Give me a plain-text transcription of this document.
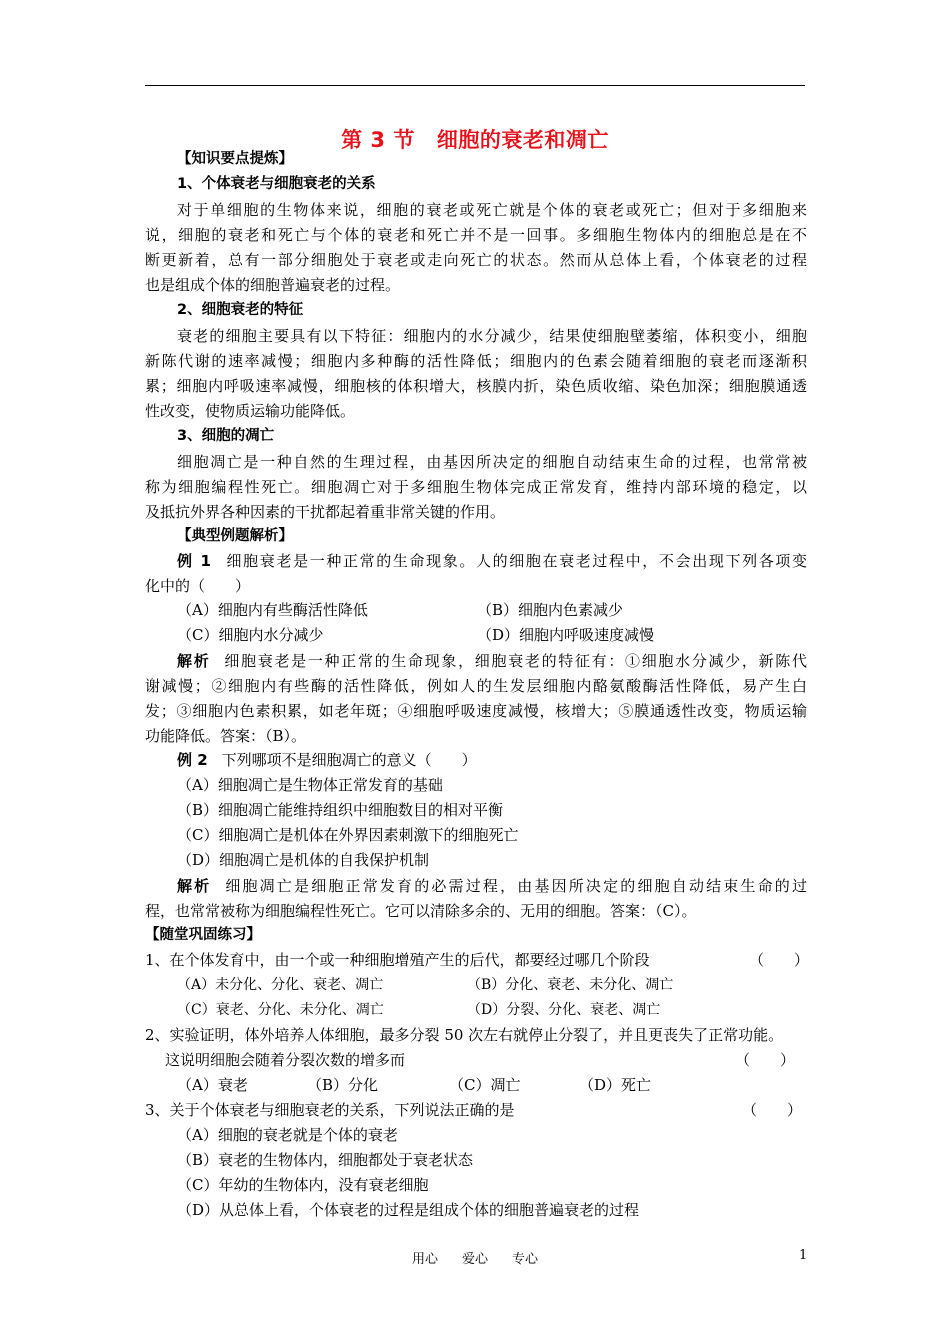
第 3 节 细胞的衰老和凋亡
【知识要点提炼】
1、个体衰老与细胞衰老的关系
对于单细胞的生物体来说，细胞的衰老或死亡就是个体的衰老或死亡；但对于多细胞来
说，细胞的衰老和死亡与个体的衰老和死亡并不是一回事。多细胞生物体内的细胞总是在不
断更新着，总有一部分细胞处于衰老或走向死亡的状态。然而从总体上看，个体衰老的过程
也是组成个体的细胞普遍衰老的过程。
2、细胞衰老的特征
衰老的细胞主要具有以下特征：细胞内的水分减少，结果使细胞壁萎缩，体积变小，细胞
新陈代谢的速率减慢；细胞内多种酶的活性降低；细胞内的色素会随着细胞的衰老而逐渐积
累；细胞内呼吸速率减慢，细胞核的体积增大，核膜内折，染色质收缩、染色加深；细胞膜通透
性改变，使物质运输功能降低。
3、细胞的凋亡
细胞凋亡是一种自然的生理过程，由基因所决定的细胞自动结束生命的过程，也常常被
称为细胞编程性死亡。细胞凋亡对于多细胞生物体完成正常发育，维持内部环境的稳定，以
及抵抗外界各种因素的干扰都起着重非常关键的作用。
【典型例题解析】
例 1 细胞衰老是一种正常的生命现象。人的细胞在衰老过程中，不会出现下列各项变
化中的（　　）
（A）细胞内有些酶活性降低	（B）细胞内色素减少
（C）细胞内水分减少	（D）细胞内呼吸速度减慢
解析 细胞衰老是一种正常的生命现象，细胞衰老的特征有：①细胞水分减少，新陈代
谢减慢；②细胞内有些酶的活性降低，例如人的生发层细胞内酪氨酸酶活性降低，易产生白
发；③细胞内色素积累，如老年斑；④细胞呼吸速度减慢，核增大；⑤膜通透性改变，物质运输
功能降低。答案：（B）。
例 2 下列哪项不是细胞凋亡的意义（　　）
（A）细胞凋亡是生物体正常发育的基础
（B）细胞凋亡能维持组织中细胞数目的相对平衡
（C）细胞凋亡是机体在外界因素刺激下的细胞死亡
（D）细胞凋亡是机体的自我保护机制
解析 细胞凋亡是细胞正常发育的必需过程，由基因所决定的细胞自动结束生命的过
程，也常常被称为细胞编程性死亡。它可以清除多余的、无用的细胞。答案：（C）。
【随堂巩固练习】
1、在个体发育中，由一个或一种细胞增殖产生的后代，都要经过哪几个阶段	（　　）
（A）未分化、分化、衰老、凋亡	（B）分化、衰老、未分化、凋亡
（C）衰老、分化、未分化、凋亡	（D）分裂、分化、衰老、凋亡
2、实验证明，体外培养人体细胞，最多分裂 50 次左右就停止分裂了，并且更丧失了正常功能。
这说明细胞会随着分裂次数的增多而	（　　）
（A）衰老	（B）分化	（C）凋亡	（D）死亡
3、关于个体衰老与细胞衰老的关系，下列说法正确的是	（　　）
（A）细胞的衰老就是个体的衰老
（B）衰老的生物体内，细胞都处于衰老状态
（C）年幼的生物体内，没有衰老细胞
（D）从总体上看，个体衰老的过程是组成个体的细胞普遍衰老的过程
用心 爱心 专心	1
